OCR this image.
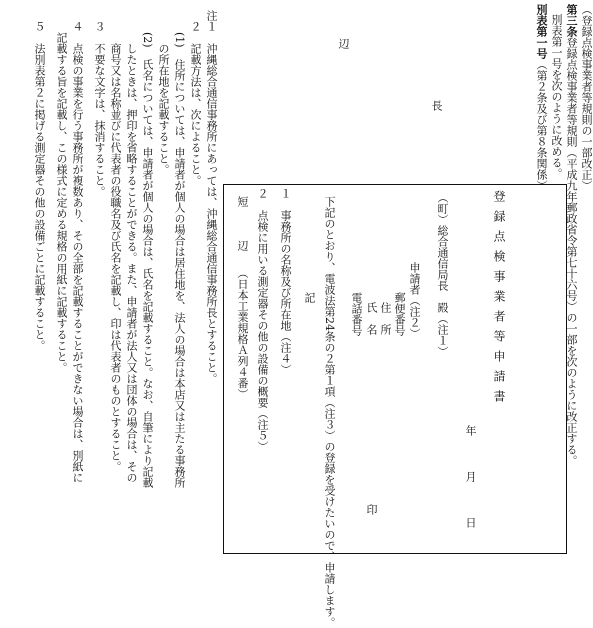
（登録点検事業者等規則の一部改正）
第三条登録点検事業者等規則（平成九年郵政省令第七十六号）の一部を次のように改正する。
別表第一号を次のように改める。
別表第一号（第２条及び第８条関係）
長
辺
登録点検事業者等申請書
年　月　日
（町）総合通信局長　殿（注１）
申請者（注２）
郵便番号
住　所
氏　名
印
電話番号
下記のとおり、電波法第24条の２第１項（注３）の登録を受けたいので、申請します。
記
１　事務所の名称及び所在地（注４）
２　点検に用いる測定器その他の設備の概要（注５）
短　　　辺　　（日本工業規格Ａ列４番）
注１　沖縄総合通信事務所にあっては、沖縄総合通信事務所長とすること。
　２　記載方法は、次によること。
　　(1)　住所については、申請者が個人の場合は居住地を、法人の場合は本店又は主たる事務所
　　　の所在地を記載すること。
　　(2)　氏名については、申請者が個人の場合は、氏名を記載すること。なお、自筆により記載
　　　したときは、押印を省略することができる。また、申請者が法人又は団体の場合は、その
　　　商号又は名称並びに代表者の役職名及び氏名を記載し、印は代表者のものとすること。
　３　不要な文字は、抹消すること。
　４　点検の事業を行う事務所が複数あり、その全部を記載することができない場合は、別紙に
　　記載する旨を記載し、この様式に定める規格の用紙に記載すること。
　５　法別表第２に掲げる測定器その他の設備ごとに記載すること。
